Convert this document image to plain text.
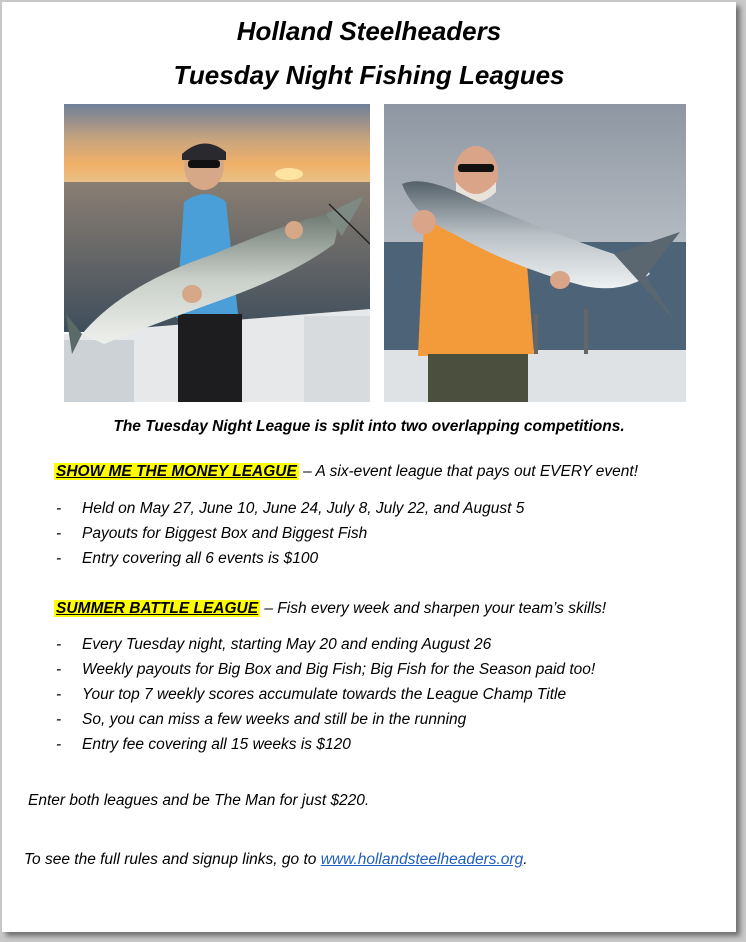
Holland Steelheaders
Tuesday Night Fishing Leagues
The Tuesday Night League is split into two overlapping competitions.
SHOW ME THE MONEY LEAGUE – A six-event league that pays out EVERY event!
- Held on May 27, June 10, June 24, July 8, July 22, and August 5
- Payouts for Biggest Box and Biggest Fish
- Entry covering all 6 events is $100
SUMMER BATTLE LEAGUE – Fish every week and sharpen your team’s skills!
- Every Tuesday night, starting May 20 and ending August 26
- Weekly payouts for Big Box and Big Fish; Big Fish for the Season paid too!
- Your top 7 weekly scores accumulate towards the League Champ Title
- So, you can miss a few weeks and still be in the running
- Entry fee covering all 15 weeks is $120
Enter both leagues and be The Man for just $220.
To see the full rules and signup links, go to www.hollandsteelheaders.org.
